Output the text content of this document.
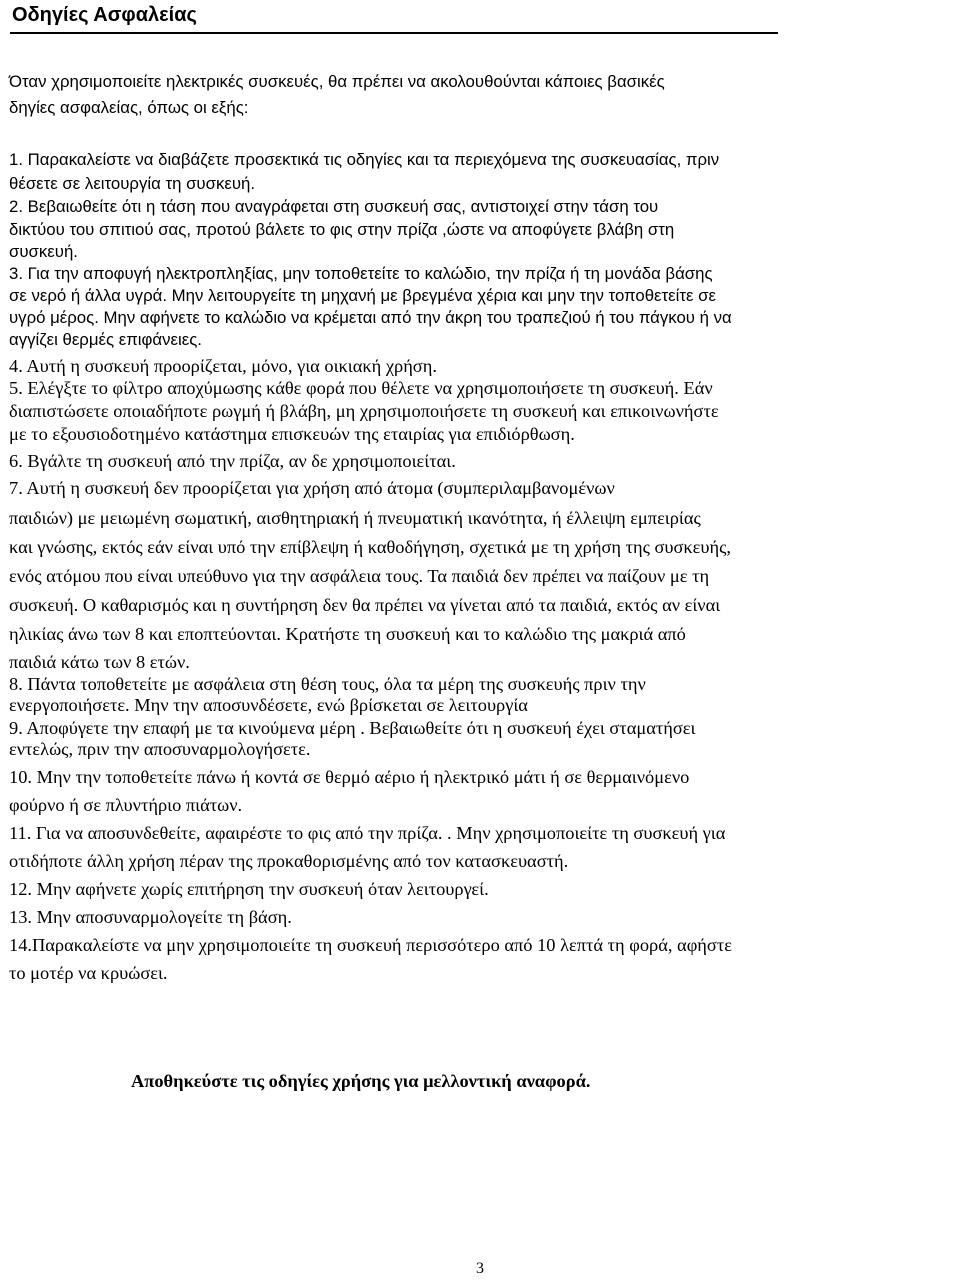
Οδηγίες Ασφαλείας
Όταν χρησιμοποιείτε ηλεκτρικές συσκευές, θα πρέπει να ακολουθούνται κάποιες βασικές
δηγίες ασφαλείας, όπως οι εξής:
1. Παρακαλείστε να διαβάζετε προσεκτικά τις οδηγίες και τα περιεχόμενα της συσκευασίας, πριν
θέσετε σε λειτουργία τη συσκευή.
2. Βεβαιωθείτε ότι η τάση που αναγράφεται στη συσκευή σας, αντιστοιχεί στην τάση του
δικτύου του σπιτιού σας, προτού βάλετε το φις στην πρίζα ,ώστε να αποφύγετε βλάβη στη
συσκευή.
3. Για την αποφυγή ηλεκτροπληξίας, μην τοποθετείτε το καλώδιο, την πρίζα ή τη μονάδα βάσης
σε νερό ή άλλα υγρά. Μην λειτουργείτε τη μηχανή με βρεγμένα χέρια και μην την τοποθετείτε σε
υγρό μέρος. Μην αφήνετε το καλώδιο να κρέμεται από την άκρη του τραπεζιού ή του πάγκου ή να
αγγίζει θερμές επιφάνειες.
4. Αυτή η συσκευή προορίζεται, μόνο, για οικιακή χρήση.
5. Ελέγξτε το φίλτρο αποχύμωσης κάθε φορά που θέλετε να χρησιμοποιήσετε τη συσκευή. Εάν
διαπιστώσετε οποιαδήποτε ρωγμή ή βλάβη, μη χρησιμοποιήσετε τη συσκευή και επικοινωνήστε
με το εξουσιοδοτημένο κατάστημα επισκευών της εταιρίας για επιδιόρθωση.
6. Βγάλτε τη συσκευή από την πρίζα, αν δε χρησιμοποιείται.
7. Αυτή η συσκευή δεν προορίζεται για χρήση από άτομα (συμπεριλαμβανομένων
παιδιών) με μειωμένη σωματική, αισθητηριακή ή πνευματική ικανότητα, ή έλλειψη εμπειρίας
και γνώσης, εκτός εάν είναι υπό την επίβλεψη ή καθοδήγηση, σχετικά με τη χρήση της συσκευής,
ενός ατόμου που είναι υπεύθυνο για την ασφάλεια τους. Τα παιδιά δεν πρέπει να παίζουν με τη
συσκευή. Ο καθαρισμός και η συντήρηση δεν θα πρέπει να γίνεται από τα παιδιά, εκτός αν είναι
ηλικίας άνω των 8 και εποπτεύονται. Κρατήστε τη συσκευή και το καλώδιο της μακριά από
παιδιά κάτω των 8 ετών.
8. Πάντα τοποθετείτε με ασφάλεια στη θέση τους, όλα τα μέρη της συσκευής πριν την
ενεργοποιήσετε. Μην την αποσυνδέσετε, ενώ βρίσκεται σε λειτουργία
9. Αποφύγετε την επαφή με τα κινούμενα μέρη . Βεβαιωθείτε ότι η συσκευή έχει σταματήσει
εντελώς, πριν την αποσυναρμολογήσετε.
10. Μην την τοποθετείτε πάνω ή κοντά σε θερμό αέριο ή ηλεκτρικό μάτι ή σε θερμαινόμενο
φούρνο ή σε πλυντήριο πιάτων.
11. Για να αποσυνδεθείτε, αφαιρέστε το φις από την πρίζα. . Μην χρησιμοποιείτε τη συσκευή για
οτιδήποτε άλλη χρήση πέραν της προκαθορισμένης από τον κατασκευαστή.
12. Μην αφήνετε χωρίς επιτήρηση την συσκευή όταν λειτουργεί.
13. Μην αποσυναρμολογείτε τη βάση.
14.Παρακαλείστε να μην χρησιμοποιείτε τη συσκευή περισσότερο από 10 λεπτά τη φορά, αφήστε
το μοτέρ να κρυώσει.
Αποθηκεύστε τις οδηγίες χρήσης για μελλοντική αναφορά.
3
